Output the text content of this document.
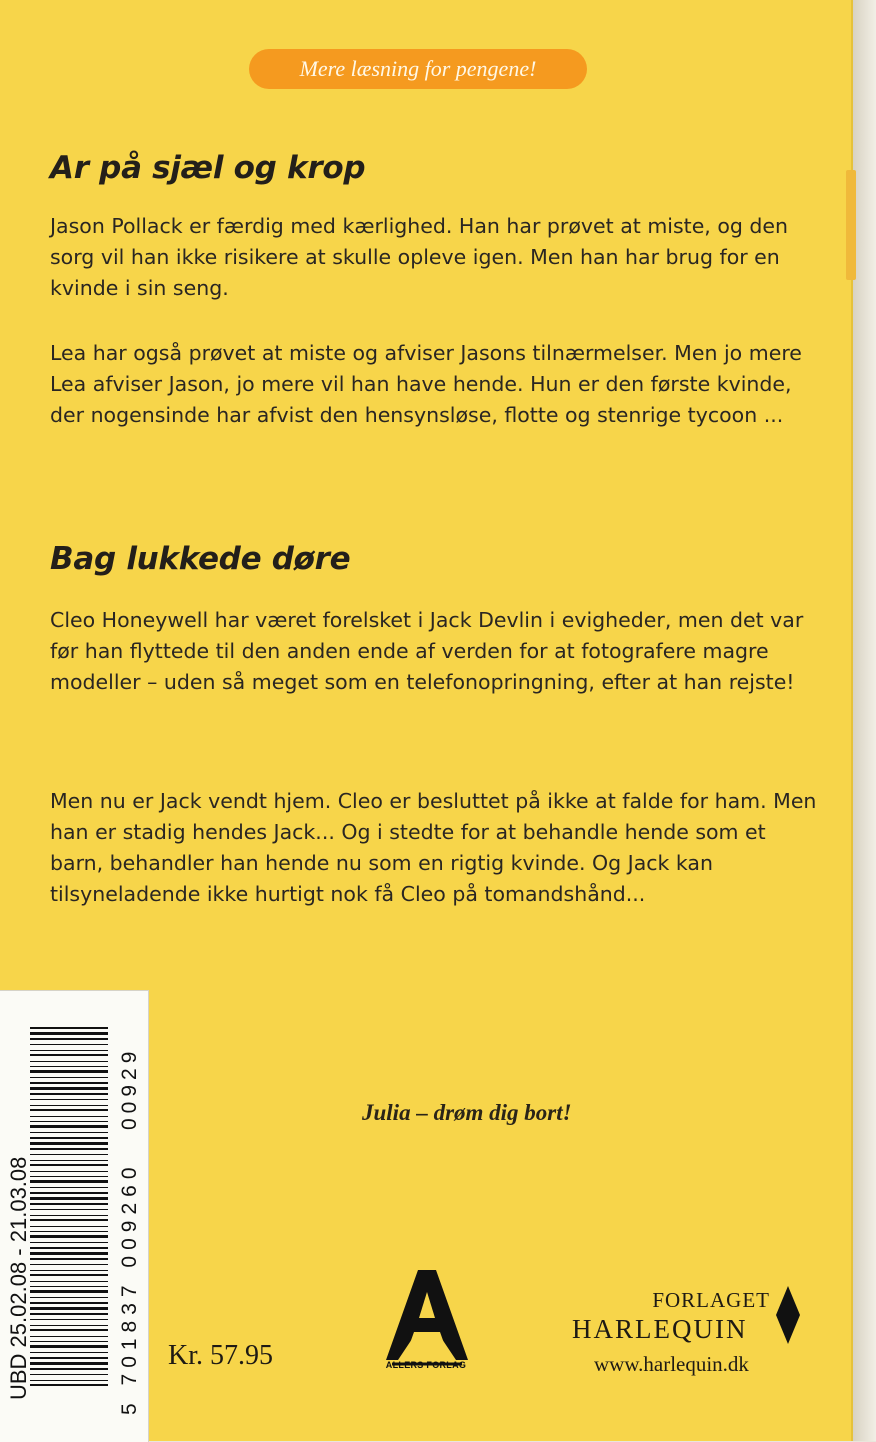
Mere læsning for pengene!
Ar på sjæl og krop

Jason Pollack er færdig med kærlighed. Han har prøvet at miste, og den sorg vil han ikke risikere at skulle opleve igen. Men han har brug for en kvinde i sin seng.

Lea har også prøvet at miste og afviser Jasons tilnærmelser. Men jo mere Lea afviser Jason, jo mere vil han have hende. Hun er den første kvinde, der nogensinde har afvist den hensynsløse, flotte og stenrige tycoon ...

Bag lukkede døre

Cleo Honeywell har været forelsket i Jack Devlin i evigheder, men det var før han flyttede til den anden ende af verden for at fotografere magre modeller – uden så meget som en telefonopringning, efter at han rejste!

Men nu er Jack vendt hjem. Cleo er besluttet på ikke at falde for ham. Men han er stadig hendes Jack... Og i stedte for at behandle hende som et barn, behandler han hende nu som en rigtig kvinde. Og Jack kan tilsyneladende ikke hurtigt nok få Cleo på tomandshånd...

Julia – drøm dig bort!
UBD 25.02.08 - 21.03.08	5 701837 009260
00929
Kr. 57.95	ALLERS FORLAG
FORLAGET
HARLEQUIN
www.harlequin.dk
